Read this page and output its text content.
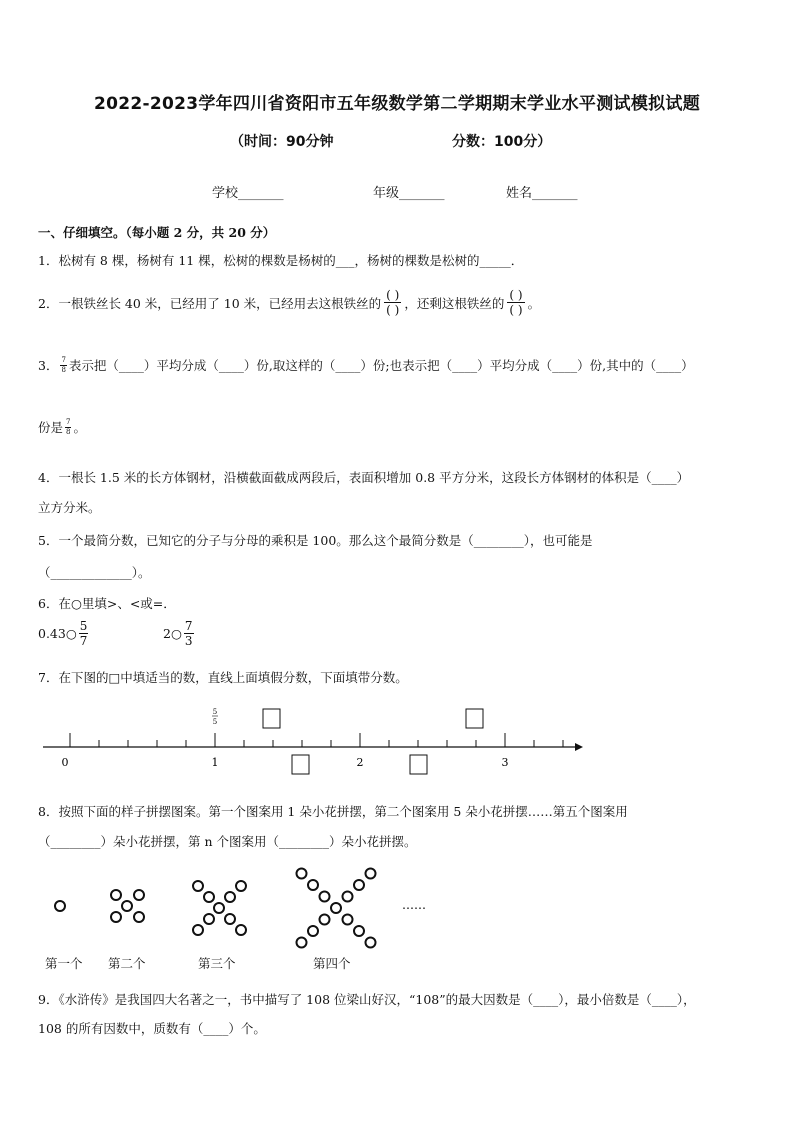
2022-2023学年四川省资阳市五年级数学第二学期期末学业水平测试模拟试题
（时间：90分钟	分数：100分）
学校_______	年级_______	姓名_______
一、仔细填空。（每小题 2 分，共 20 分）
1．松树有 8 棵，杨树有 11 棵，松树的棵数是杨树的___，杨树的棵数是松树的_____．
2．一根铁丝长 40 米，已经用了 10 米，已经用去这根铁丝的
( )
( ) ，还剩这根铁丝的
( )
( ) 。
3． $\frac{7}{8}$ 表示把（____）平均分成（____）份,取这样的（____）份;也表示把（____）平均分成（____）份,其中的（____）
份是 $\frac{7}{8}$ 。
4．一根长 1.5 米的长方体钢材，沿横截面截成两段后，表面积增加 0.8 平方分米，这段长方体钢材的体积是（____）
立方分米。
5．一个最简分数，已知它的分子与分母的乘积是 100。那么这个最简分数是（________），也可能是
（_____________）。
6．在○里填>、<或=．
0.43○ $\frac{5}{7}$	2○ $\frac{7}{3}$
7．在下图的□中填适当的数，直线上面填假分数，下面填带分数。
5
5
0	1	2	3
8．按照下面的样子拼摆图案。第一个图案用 1 朵小花拼摆，第二个图案用 5 朵小花拼摆……第五个图案用
（________）朵小花拼摆，第 n 个图案用（________）朵小花拼摆。
……
第一个 第二个	第三个	第四个
9．《水浒传》是我国四大名著之一，书中描写了 108 位梁山好汉，“108”的最大因数是（____），最小倍数是（____），
108 的所有因数中，质数有（____）个。
